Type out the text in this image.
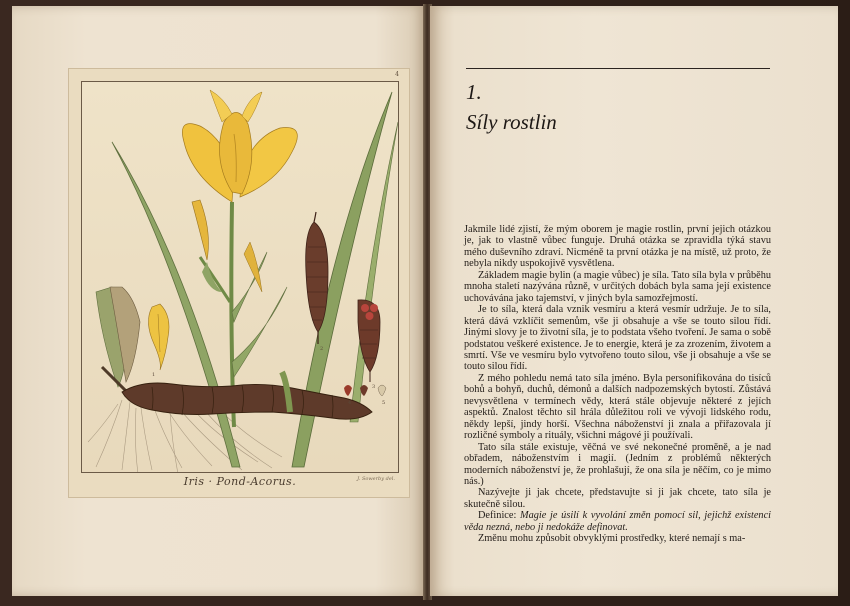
1
2
3
4	5
4
Iris · Pond-Acorus.	J. Sowerby del.
1.
Síly rostlin

Jakmile lidé zjistí, že mým oborem je magie rostlin, první jejich otázkou je, jak to vlastně vůbec funguje. Druhá otázka se zpravidla týká stavu mého duševního zdraví. Nicméně ta první otázka je na místě, už proto, že nebyla nikdy uspokojivě vysvětlena.

Základem magie bylin (a magie vůbec) je síla. Tato síla byla v průběhu mnoha staletí nazývána různě, v určitých dobách byla sama její existence uchovávána jako tajemství, v jiných byla samozřejmostí.

Je to síla, která dala vznik vesmíru a která vesmír udržuje. Je to síla, která dává vzklíčit semenům, vše ji obsahuje a vše se touto silou řídí. Jinými slovy je to životní síla, je to podstata všeho tvoření. Je sama o sobě podstatou veškeré existence. Je to energie, která je za zrozením, životem a smrtí. Vše ve vesmíru bylo vytvořeno touto silou, vše ji obsahuje a vše se touto silou řídí.

Z mého pohledu nemá tato síla jméno. Byla personifikována do tisíců bohů a bohyň, duchů, démonů a dalších nadpozemských bytostí. Zůstává nevysvětlena v termínech vědy, která stále objevuje některé z jejích aspektů. Znalost těchto sil hrála důležitou roli ve vývoji lidského rodu, někdy lepší, jindy horší. Všechna náboženství ji znala a přiřazovala jí rozličné symboly a rituály, všichni mágové ji používali.

Tato síla stále existuje, věčná ve své nekonečné proměně, a je nad obřadem, náboženstvím i magií. (Jedním z problémů některých moderních náboženství je, že prohlašují, že ona síla je něčím, co je mimo nás.)

Nazývejte ji jak chcete, představujte si ji jak chcete, tato síla je skutečně silou.

Definice: Magie je úsilí k vyvolání změn pomocí sil, jejichž existenci věda nezná, nebo ji nedokáže definovat.

Změnu mohu způsobit obvyklými prostředky, které nemají s ma-
